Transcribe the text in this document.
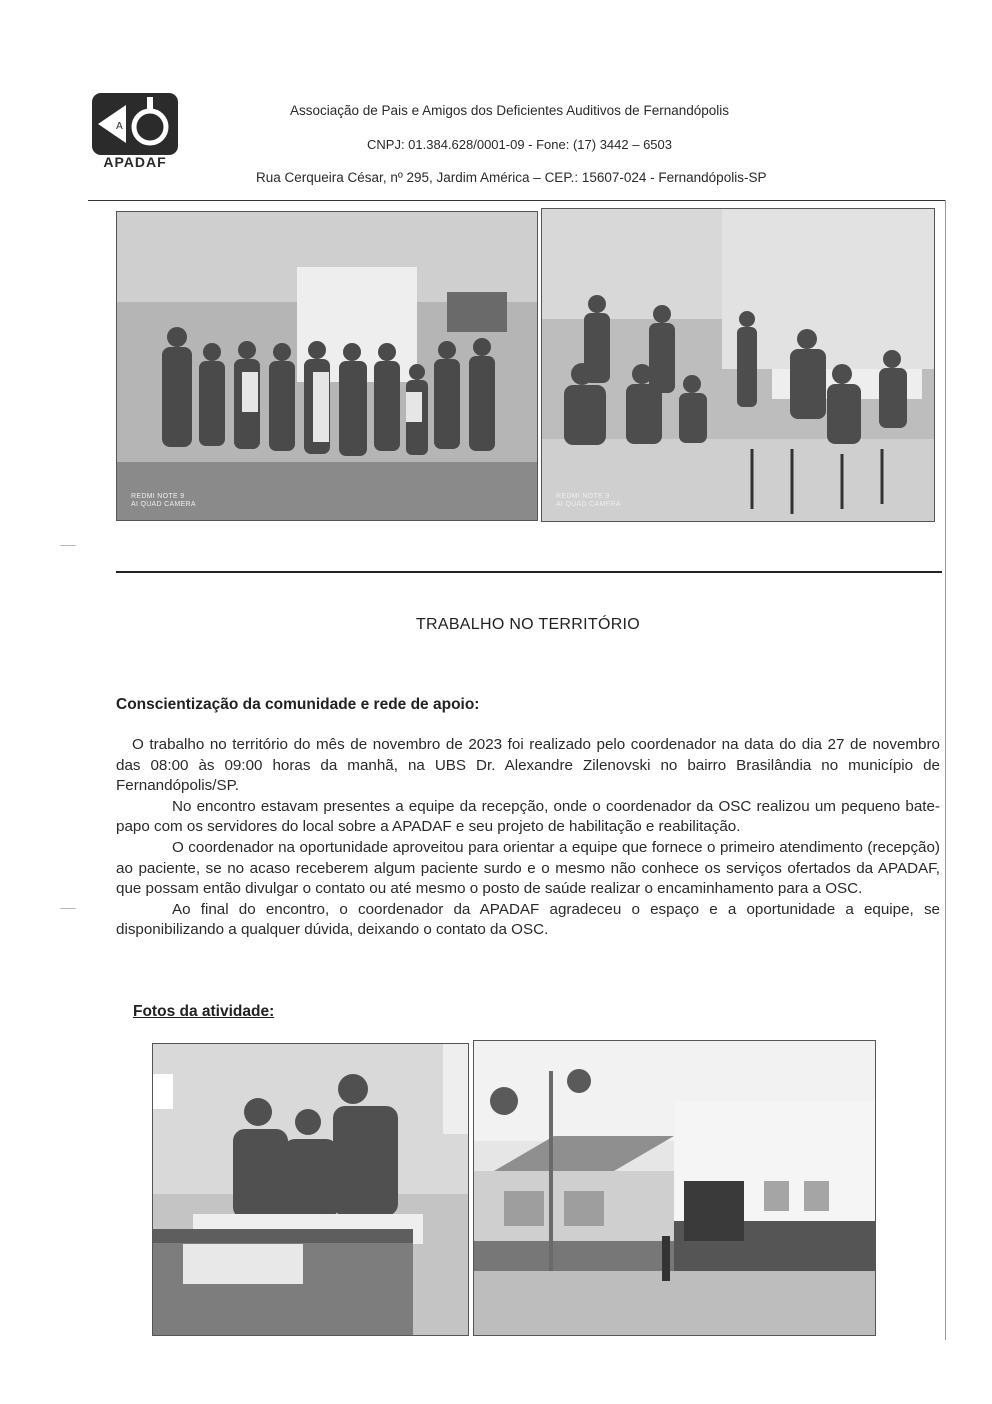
A
APADAF
Associação de Pais e Amigos dos Deficientes Auditivos de Fernandópolis
CNPJ: 01.384.628/0001-09 - Fone: (17) 3442 – 6503
Rua Cerqueira César, nº 295, Jardim América – CEP.: 15607-024 - Fernandópolis-SP
REDMI NOTE 9
AI QUAD CAMERA
REDMI NOTE 9
AI QUAD CAMERA
TRABALHO NO TERRITÓRIO
Conscientização da comunidade e rede de apoio:

O trabalho no território do mês de novembro de 2023 foi realizado pelo coordenador na data do dia 27 de novembro das 08:00 às 09:00 horas da manhã, na UBS Dr. Alexandre Zilenovski no bairro Brasilândia no município de Fernandópolis/SP.

No encontro estavam presentes a equipe da recepção, onde o coordenador da OSC realizou um pequeno bate-papo com os servidores do local sobre a APADAF e seu projeto de habilitação e reabilitação.

O coordenador na oportunidade aproveitou para orientar a equipe que fornece o primeiro atendimento (recepção) ao paciente, se no acaso receberem algum paciente surdo e o mesmo não conhece os serviços ofertados da APADAF, que possam então divulgar o contato ou até mesmo o posto de saúde realizar o encaminhamento para a OSC.

Ao final do encontro, o coordenador da APADAF agradeceu o espaço e a oportunidade a equipe, se disponibilizando a qualquer dúvida, deixando o contato da OSC.

Fotos da atividade:
